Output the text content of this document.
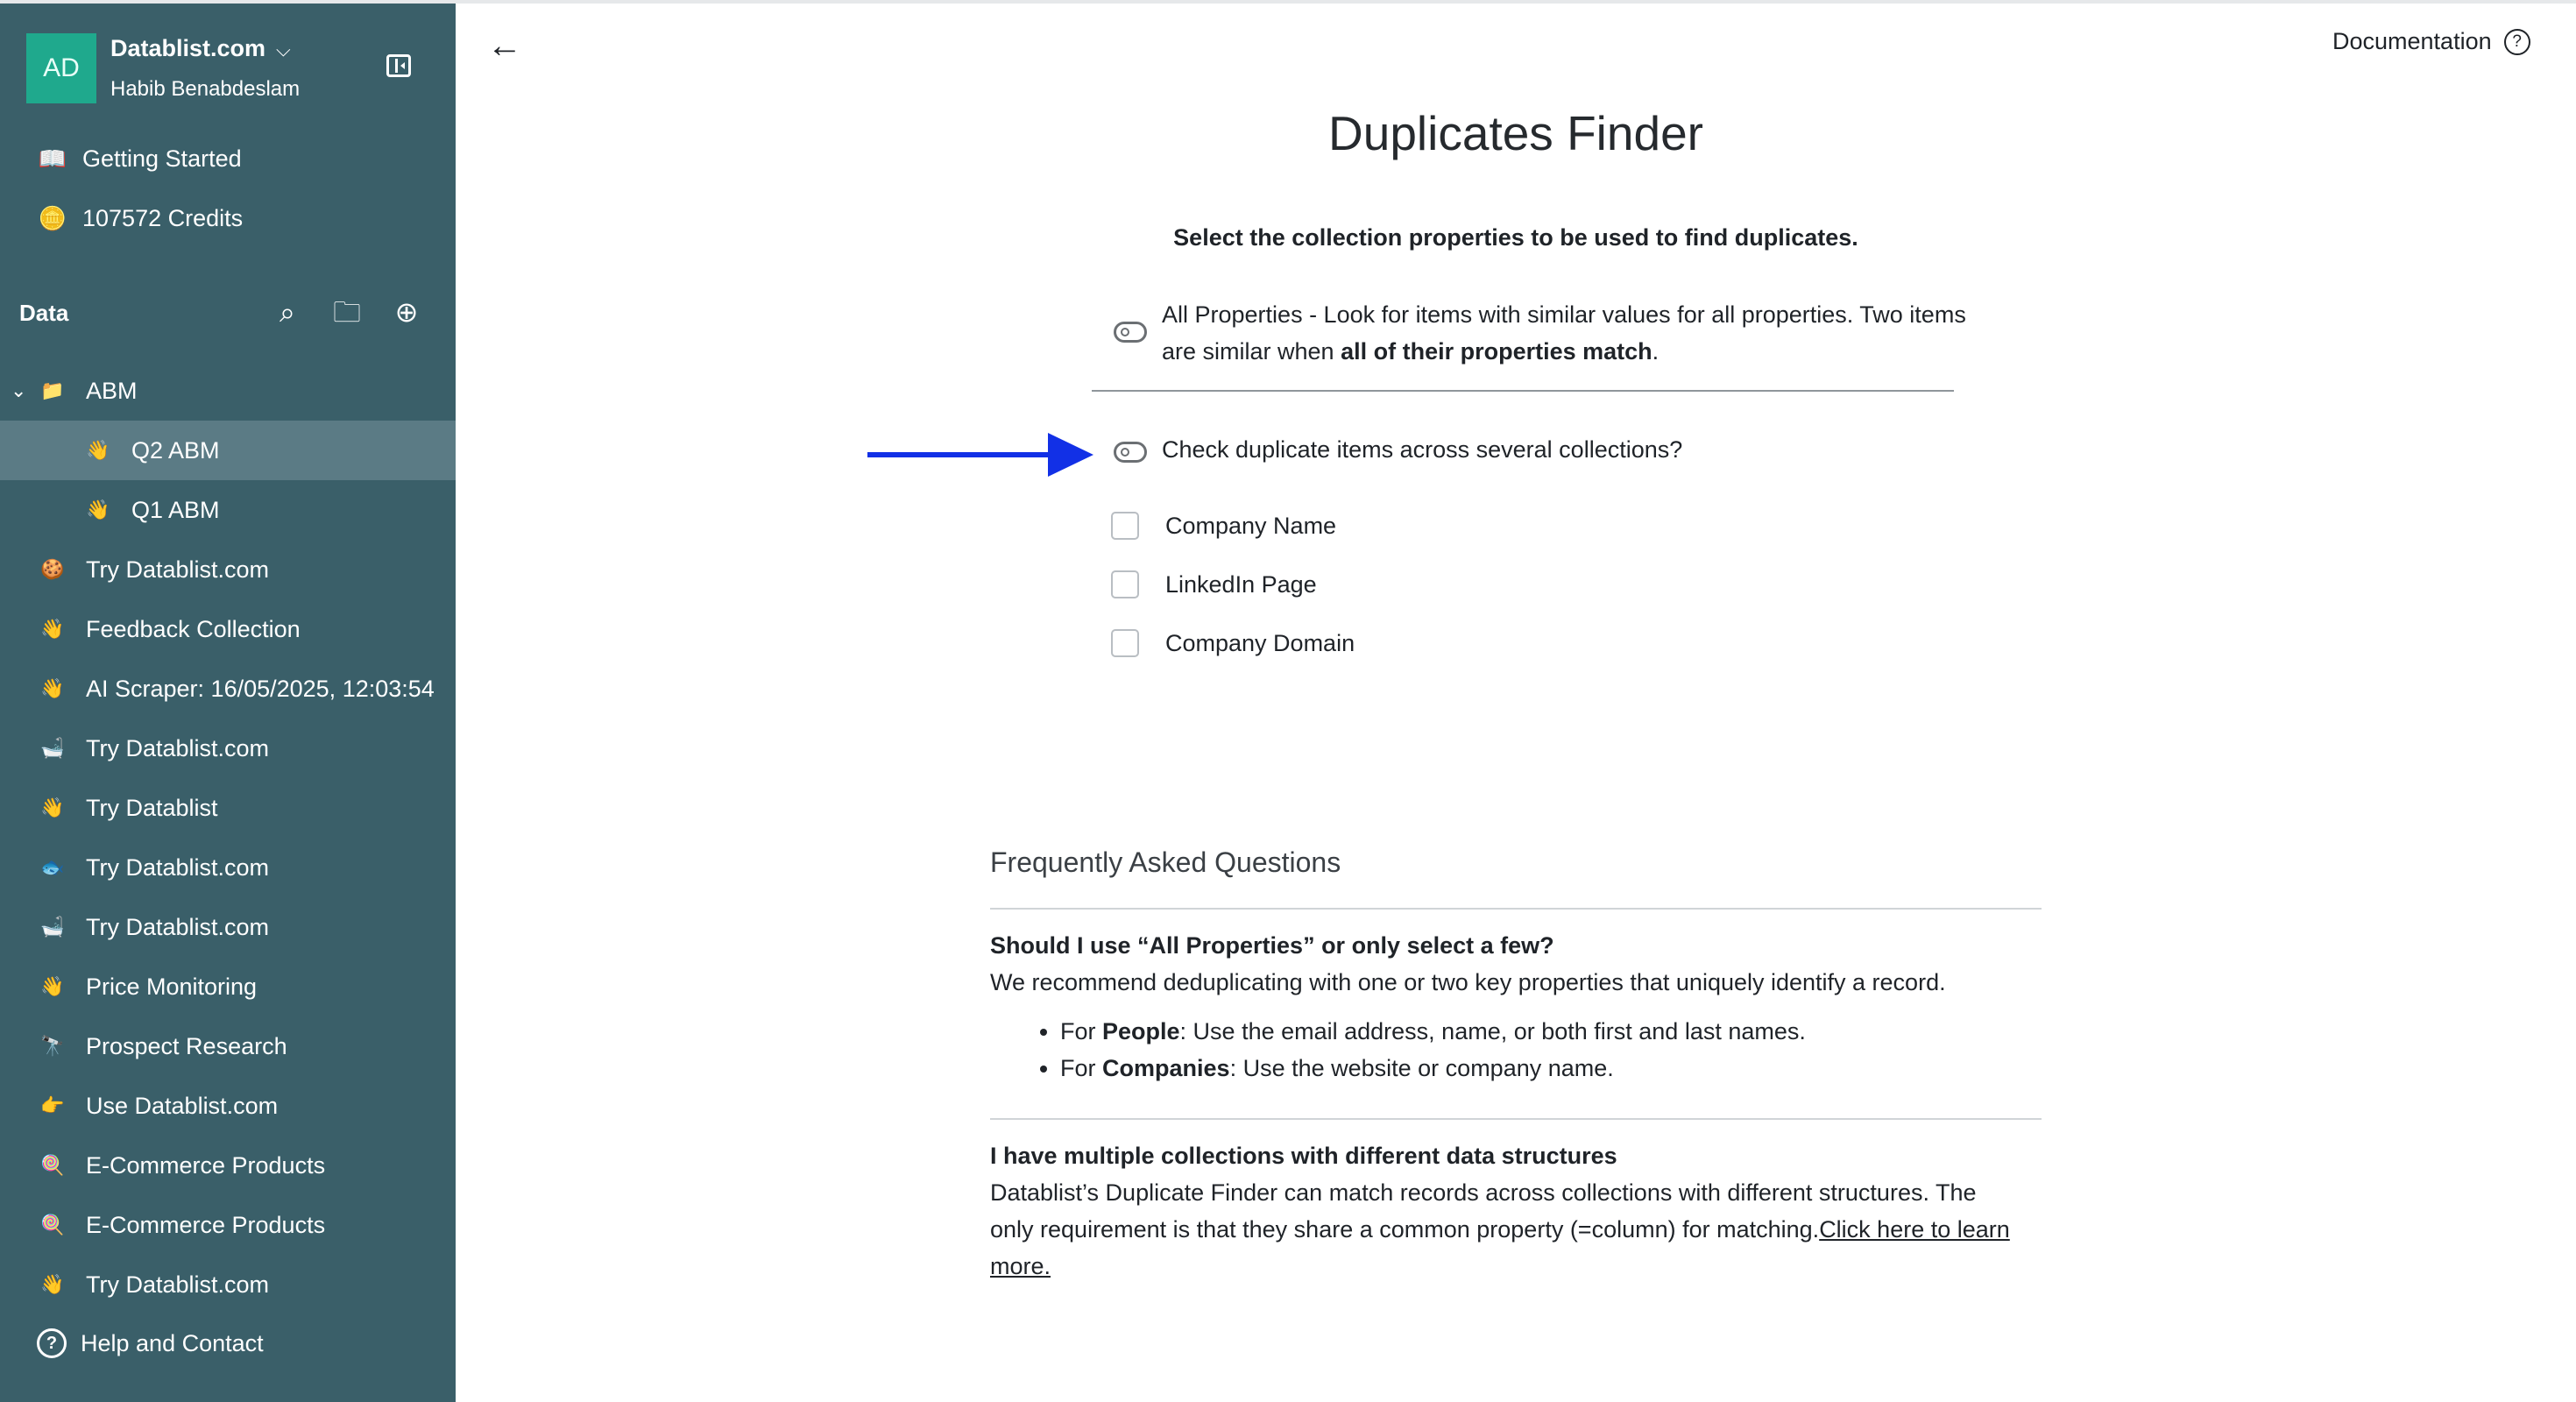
AD
Datablist.com ⌵
Habib Benabdeslam
📖 Getting Started
🪙 107572 Credits
Data	⌕	🗀 ⊕
⌄ 📁 ABM
👋 Q2 ABM
👋 Q1 ABM
🍪 Try Datablist.com
👋 Feedback Collection
👋 AI Scraper: 16/05/2025, 12:03:54
🛁 Try Datablist.com
👋 Try Datablist
🐟 Try Datablist.com
🛁 Try Datablist.com
👋 Price Monitoring
🔭 Prospect Research
👉 Use Datablist.com
🍭 E-Commerce Products
🍭 E-Commerce Products
👋 Try Datablist.com
? Help and Contact
←	Documentation	?
Duplicates Finder
Select the collection properties to be used to find duplicates.
All Properties - Look for items with similar values for all properties. Two items are similar when all of their properties match.
Check duplicate items across several collections?
Company Name
LinkedIn Page
Company Domain
Frequently Asked Questions
Should I use “All Properties” or only select a few?
We recommend deduplicating with one or two key properties that uniquely identify a record.
• For People: Use the email address, name, or both first and last names.
• For Companies: Use the website or company name.
I have multiple collections with different data structures
Datablist’s Duplicate Finder can match records across collections with different structures. The only requirement is that they share a common property (=column) for matching.Click here to learn more.
